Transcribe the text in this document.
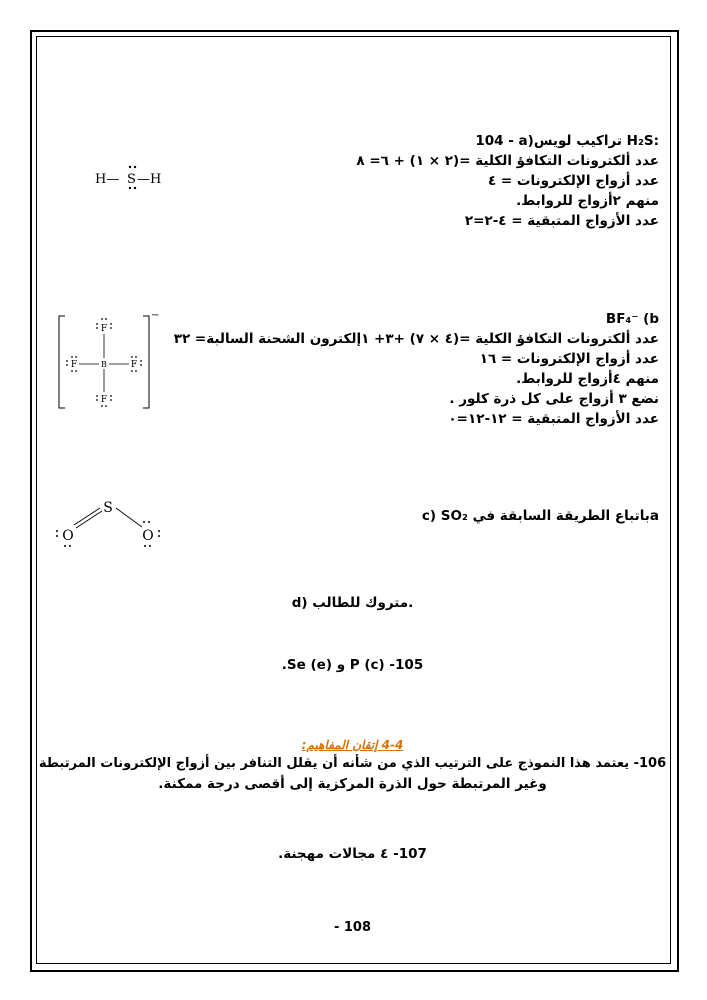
104 - a)تراكيب لويس H₂S:
عدد ألكترونات التكافؤ الكلية =(٢ × ١) + ٦= ٨
عدد أزواج الإلكترونات = ٤
منهم ٢أزواج للروابط.
عدد الأزواج المتبقية = ٤-٢=٢
H— S —H
BF₄⁻ (b
عدد ألكترونات التكافؤ الكلية =(٤ × ٧) +٣+ ١إلكترون الشحنة السالبة= ٣٢
عدد أزواج الإلكترونات = ١٦
منهم ٤أزواج للروابط.
نضع ٣ أزواج على كل ذرة كلور .
عدد الأزواج المتبقية = ١٢-١٢=٠
−
B
F
F
F	F
c) SO₂ باتباع الطريقة السابقة فيa
S
O	O
d) متروك للطالب.
.Se (e) و P (c) -105
4-4 إتقان المفاهيم:
106- يعتمد هذا النموذج على الترتيب الذي من شأنه أن يقلل التنافر بين أزواج الإلكترونات المرتبطة
وغير المرتبطة حول الذرة المركزية إلى أقصى درجة ممكنة.
107- ٤ مجالات مهجنة.
- 108
